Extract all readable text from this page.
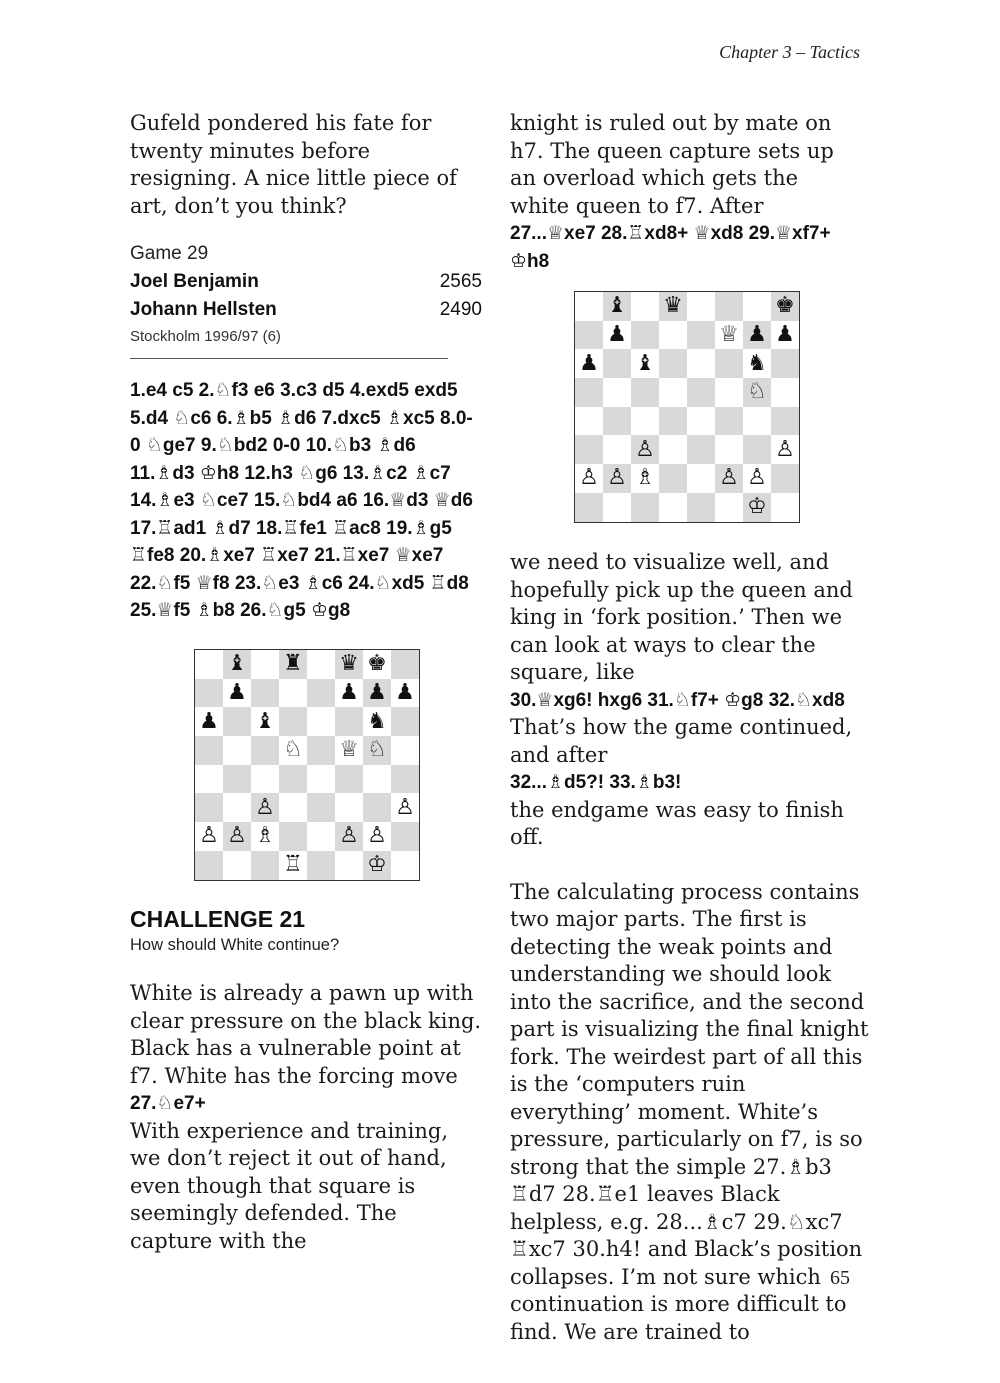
Chapter 3 – Tactics

Gufeld pondered his fate for twenty minutes before resigning. A nice little piece of art, don’t you think?

Game 29
Joel Benjamin	2565
Johann Hellsten	2490
Stockholm 1996/97 (6)

1.e4 c5 2.♘f3 e6 3.c3 d5 4.exd5 exd5 5.d4 ♘c6 6.♗b5 ♗d6 7.dxc5 ♗xc5 8.0-0 ♘ge7 9.♘bd2 0-0 10.♘b3 ♗d6 11.♗d3 ♔h8 12.h3 ♘g6 13.♗c2 ♗c7 14.♗e3 ♘ce7 15.♘bd4 a6 16.♕d3 ♕d6 17.♖ad1 ♗d7 18.♖fe1 ♖ac8 19.♗g5 ♖fe8 20.♗xe7 ♖xe7 21.♖xe7 ♕xe7 22.♘f5 ♕f8 23.♘e3 ♗c6 24.♘xd5 ♖d8 25.♕f5 ♗b8 26.♘g5 ♔g8

♝ ♜ ♛ ♚
♟	♟ ♟ ♟
♟ ♝	♞
♘ ♕ ♘
♙	♙
♙ ♙ ♗	♙ ♙
♖	♔
CHALLENGE 21
How should White continue?

White is already a pawn up with clear pressure on the black king. Black has a vulnerable point at f7. White has the forcing move

27.♘e7+

With experience and training, we don’t reject it out of hand, even though that square is seemingly defended. The capture with the

knight is ruled out by mate on h7. The queen capture sets up an overload which gets the white queen to f7. After

27...♕xe7 28.♖xd8+ ♕xd8 29.♕xf7+ ♔h8

♝ ♛	♚
♟	♕ ♟ ♟
♟ ♝	♞
♘
♙	♙
♙ ♙ ♗	♙ ♙
♔

we need to visualize well, and hopefully pick up the queen and king in ‘fork position.’ Then we can look at ways to clear the square, like

30.♕xg6! hxg6 31.♘f7+ ♔g8 32.♘xd8

That’s how the game continued, and after

32...♗d5?! 33.♗b3!

the endgame was easy to finish off.

The calculating process contains two major parts. The first is detecting the weak points and understanding we should look into the sacrifice, and the second part is visualizing the final knight fork. The weirdest part of all this is the ‘computers ruin everything’ moment. White’s pressure, particularly on f7, is so strong that the simple 27.♗b3 ♖d7 28.♖e1 leaves Black helpless, e.g. 28...♗c7 29.♘xc7 ♖xc7 30.h4! and Black’s position collapses. I’m not sure which continuation is more difficult to find. We are trained to

65
